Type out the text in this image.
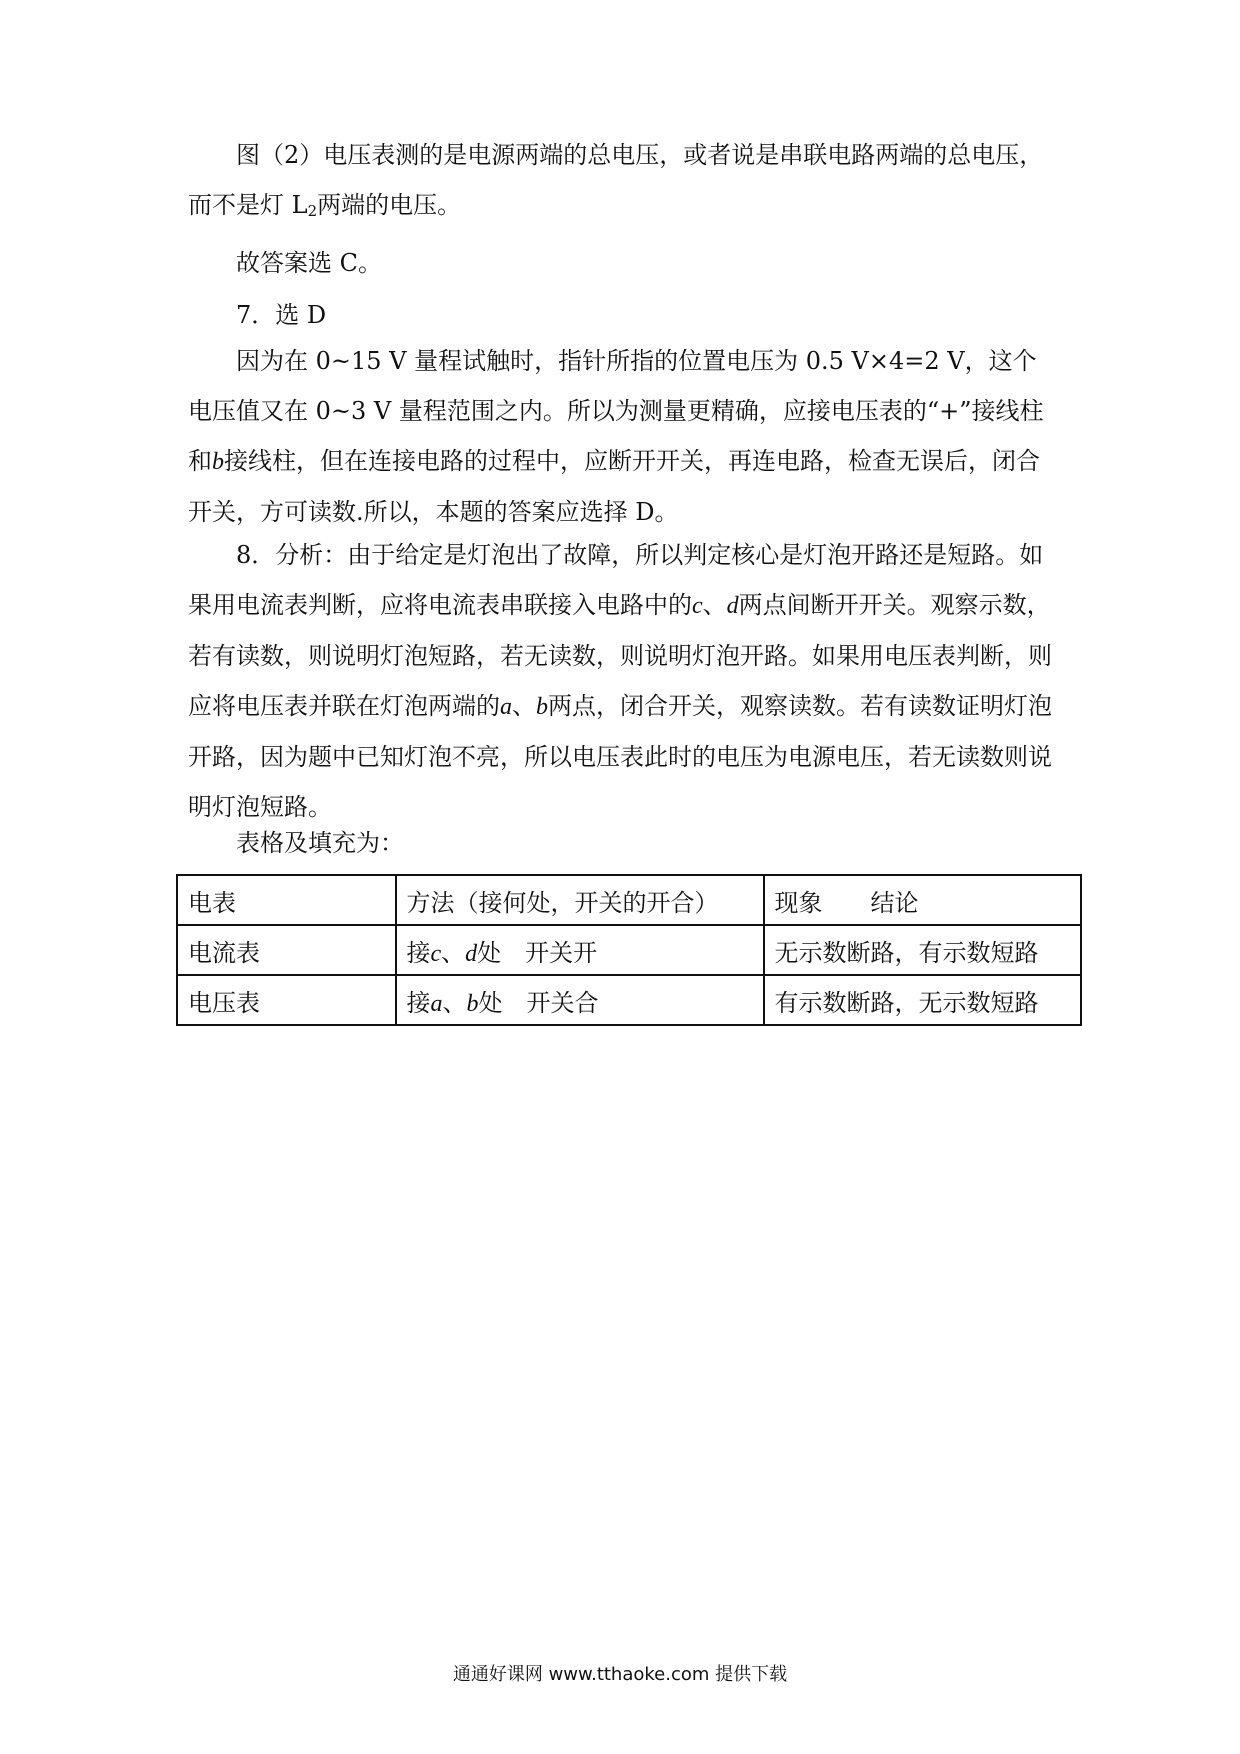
图（2）电压表测的是电源两端的总电压，或者说是串联电路两端的总电压，而不是灯 $L_2$两端的电压。

故答案选 C。

7．选 D

因为在 0~15 V 量程试触时，指针所指的位置电压为 0.5 V×4=2 V，这个电压值又在 0~3 V 量程范围之内。所以为测量更精确，应接电压表的“+”接线柱和b接线柱，但在连接电路的过程中，应断开开关，再连电路，检查无误后，闭合开关，方可读数.所以，本题的答案应选择 D。

8．分析：由于给定是灯泡出了故障，所以判定核心是灯泡开路还是短路。如果用电流表判断，应将电流表串联接入电路中的c、d两点间断开开关。观察示数，若有读数，则说明灯泡短路，若无读数，则说明灯泡开路。如果用电压表判断，则应将电压表并联在灯泡两端的a、b两点，闭合开关，观察读数。若有读数证明灯泡开路，因为题中已知灯泡不亮，所以电压表此时的电压为电源电压，若无读数则说明灯泡短路。

表格及填充为：

电表	方法（接何处，开关的开合）	现象　　结论
电流表	接c、d处　开关开	无示数断路，有示数短路
电压表	接a、b处　开关合	有示数断路，无示数短路
通通好课网 www.tthaoke.com 提供下载
